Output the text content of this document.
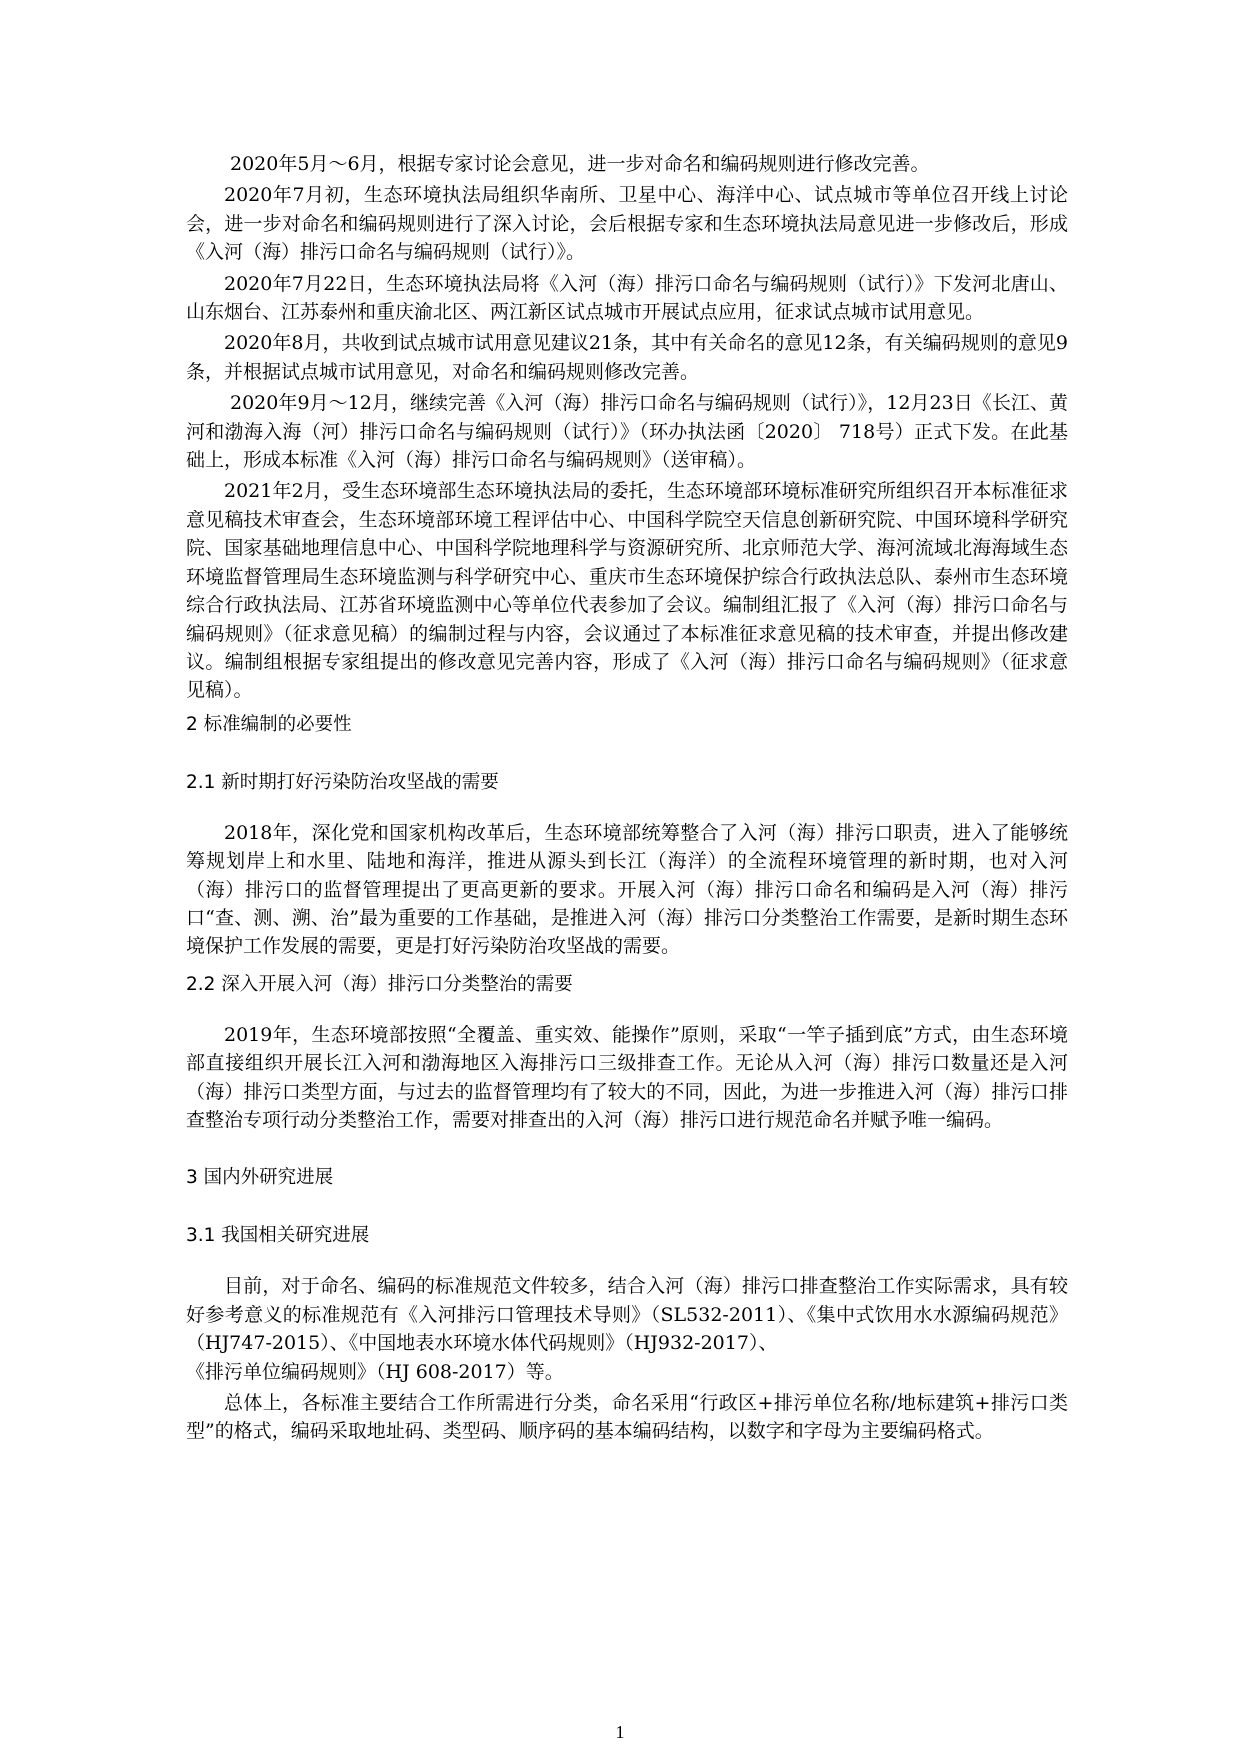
2020年5月～6月，根据专家讨论会意见，进一步对命名和编码规则进行修改完善。

2020年7月初，生态环境执法局组织华南所、卫星中心、海洋中心、试点城市等单位召开线上讨论会，进一步对命名和编码规则进行了深入讨论，会后根据专家和生态环境执法局意见进一步修改后，形成《入河（海）排污口命名与编码规则（试行）》。

2020年7月22日，生态环境执法局将《入河（海）排污口命名与编码规则（试行）》下发河北唐山、山东烟台、江苏泰州和重庆渝北区、两江新区试点城市开展试点应用，征求试点城市试用意见。

2020年8月，共收到试点城市试用意见建议21条，其中有关命名的意见12条，有关编码规则的意见9条，并根据试点城市试用意见，对命名和编码规则修改完善。

2020年9月～12月，继续完善《入河（海）排污口命名与编码规则（试行）》，12月23日《长江、黄河和渤海入海（河）排污口命名与编码规则（试行）》（环办执法函〔2020〕 718号）正式下发。在此基础上，形成本标准《入河（海）排污口命名与编码规则》（送审稿）。

2021年2月，受生态环境部生态环境执法局的委托，生态环境部环境标准研究所组织召开本标准征求意见稿技术审查会，生态环境部环境工程评估中心、中国科学院空天信息创新研究院、中国环境科学研究院、国家基础地理信息中心、中国科学院地理科学与资源研究所、北京师范大学、海河流域北海海域生态环境监督管理局生态环境监测与科学研究中心、重庆市生态环境保护综合行政执法总队、泰州市生态环境综合行政执法局、江苏省环境监测中心等单位代表参加了会议。编制组汇报了《入河（海）排污口命名与编码规则》（征求意见稿）的编制过程与内容，会议通过了本标准征求意见稿的技术审查，并提出修改建议。编制组根据专家组提出的修改意见完善内容，形成了《入河（海）排污口命名与编码规则》（征求意见稿）。

2 标准编制的必要性
2.1 新时期打好污染防治攻坚战的需要

2018年，深化党和国家机构改革后，生态环境部统筹整合了入河（海）排污口职责，进入了能够统筹规划岸上和水里、陆地和海洋，推进从源头到长江（海洋）的全流程环境管理的新时期，也对入河（海）排污口的监督管理提出了更高更新的要求。开展入河（海）排污口命名和编码是入河（海）排污口“查、测、溯、治”最为重要的工作基础，是推进入河（海）排污口分类整治工作需要，是新时期生态环境保护工作发展的需要，更是打好污染防治攻坚战的需要。

2.2 深入开展入河（海）排污口分类整治的需要

2019年，生态环境部按照“全覆盖、重实效、能操作”原则，采取“一竿子插到底”方式，由生态环境部直接组织开展长江入河和渤海地区入海排污口三级排查工作。无论从入河（海）排污口数量还是入河（海）排污口类型方面，与过去的监督管理均有了较大的不同，因此，为进一步推进入河（海）排污口排查整治专项行动分类整治工作，需要对排查出的入河（海）排污口进行规范命名并赋予唯一编码。

3 国内外研究进展
3.1 我国相关研究进展

目前，对于命名、编码的标准规范文件较多，结合入河（海）排污口排查整治工作实际需求，具有较好参考意义的标准规范有《入河排污口管理技术导则》（SL532-2011）、《集中式饮用水水源编码规范》（HJ747-2015）、《中国地表水环境水体代码规则》（HJ932-2017）、

《排污单位编码规则》（HJ 608-2017）等。

总体上，各标准主要结合工作所需进行分类，命名采用“行政区+排污单位名称/地标建筑+排污口类型”的格式，编码采取地址码、类型码、顺序码的基本编码结构，以数字和字母为主要编码格式。

1
